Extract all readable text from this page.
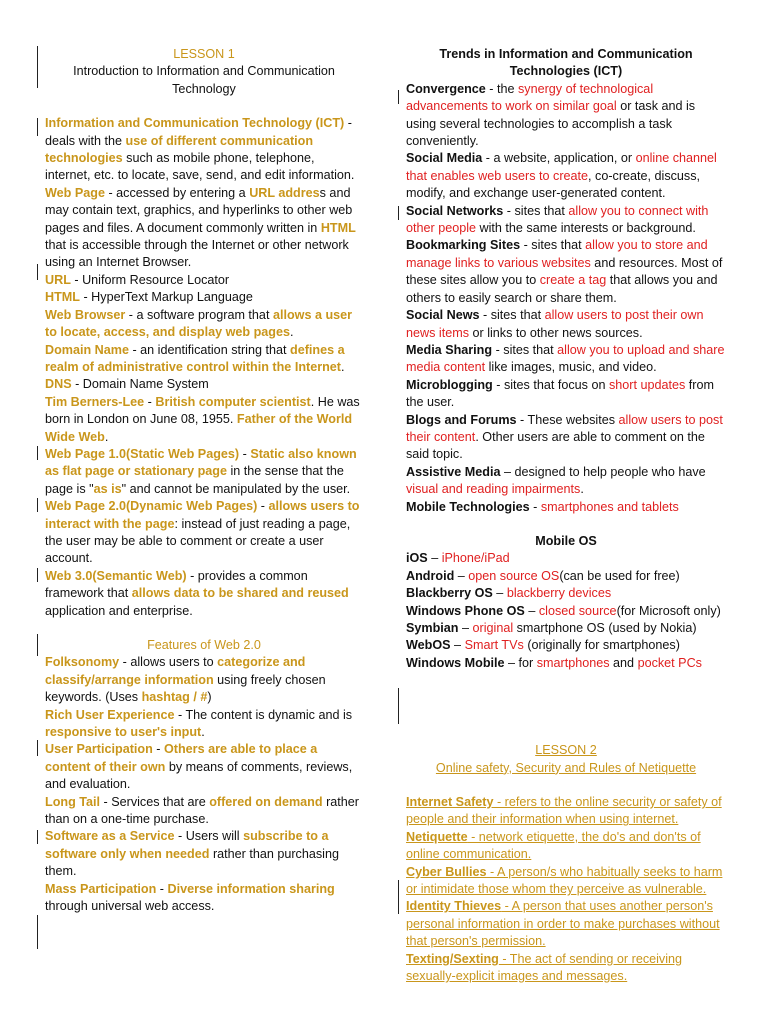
LESSON 1

Introduction to Information and Communication

Technology

Information and Communication Technology (ICT) - deals with the use of different communication technologies such as mobile phone, telephone, internet, etc. to locate, save, send, and edit information.

Web Page - accessed by entering a URL address and may contain text, graphics, and hyperlinks to other web pages and files. A document commonly written in HTML that is accessible through the Internet or other network using an Internet Browser.

URL - Uniform Resource Locator

HTML - HyperText Markup Language

Web Browser - a software program that allows a user to locate, access, and display web pages.

Domain Name - an identification string that defines a realm of administrative control within the Internet.

DNS - Domain Name System

Tim Berners-Lee - British computer scientist. He was born in London on June 08, 1955. Father of the World Wide Web.

Web Page 1.0(Static Web Pages) - Static also known as flat page or stationary page in the sense that the page is "as is" and cannot be manipulated by the user.

Web Page 2.0(Dynamic Web Pages) - allows users to interact with the page: instead of just reading a page, the user may be able to comment or create a user account.

Web 3.0(Semantic Web) - provides a common framework that allows data to be shared and reused application and enterprise.

Features of Web 2.0

Folksonomy - allows users to categorize and classify/arrange information using freely chosen keywords. (Uses hashtag / #)

Rich User Experience - The content is dynamic and is responsive to user's input.

User Participation - Others are able to place a content of their own by means of comments, reviews, and evaluation.

Long Tail - Services that are offered on demand rather than on a one-time purchase.

Software as a Service - Users will subscribe to a software only when needed rather than purchasing them.

Mass Participation - Diverse information sharing through universal web access.

Trends in Information and Communication

Technologies (ICT)

Convergence - the synergy of technological advancements to work on similar goal or task and is using several technologies to accomplish a task conveniently.

Social Media - a website, application, or online channel that enables web users to create, co-create, discuss, modify, and exchange user-generated content.

Social Networks - sites that allow you to connect with other people with the same interests or background.

Bookmarking Sites - sites that allow you to store and manage links to various websites and resources. Most of these sites allow you to create a tag that allows you and others to easily search or share them.

Social News - sites that allow users to post their own news items or links to other news sources.

Media Sharing - sites that allow you to upload and share media content like images, music, and video.

Microblogging - sites that focus on short updates from the user.

Blogs and Forums - These websites allow users to post their content. Other users are able to comment on the said topic.

Assistive Media – designed to help people who have visual and reading impairments.

Mobile Technologies - smartphones and tablets

Mobile OS

iOS – iPhone/iPad

Android – open source OS(can be used for free)

Blackberry OS – blackberry devices

Windows Phone OS – closed source(for Microsoft only)

Symbian – original smartphone OS (used by Nokia)

WebOS – Smart TVs (originally for smartphones)

Windows Mobile – for smartphones and pocket PCs

LESSON 2

Online safety, Security and Rules of Netiquette

Internet Safety - refers to the online security or safety of people and their information when using internet.

Netiquette - network etiquette, the do's and don'ts of online communication.

Cyber Bullies - A person/s who habitually seeks to harm or intimidate those whom they perceive as vulnerable.

Identity Thieves - A person that uses another person's personal information in order to make purchases without that person's permission.

Texting/Sexting - The act of sending or receiving sexually-explicit images and messages.
